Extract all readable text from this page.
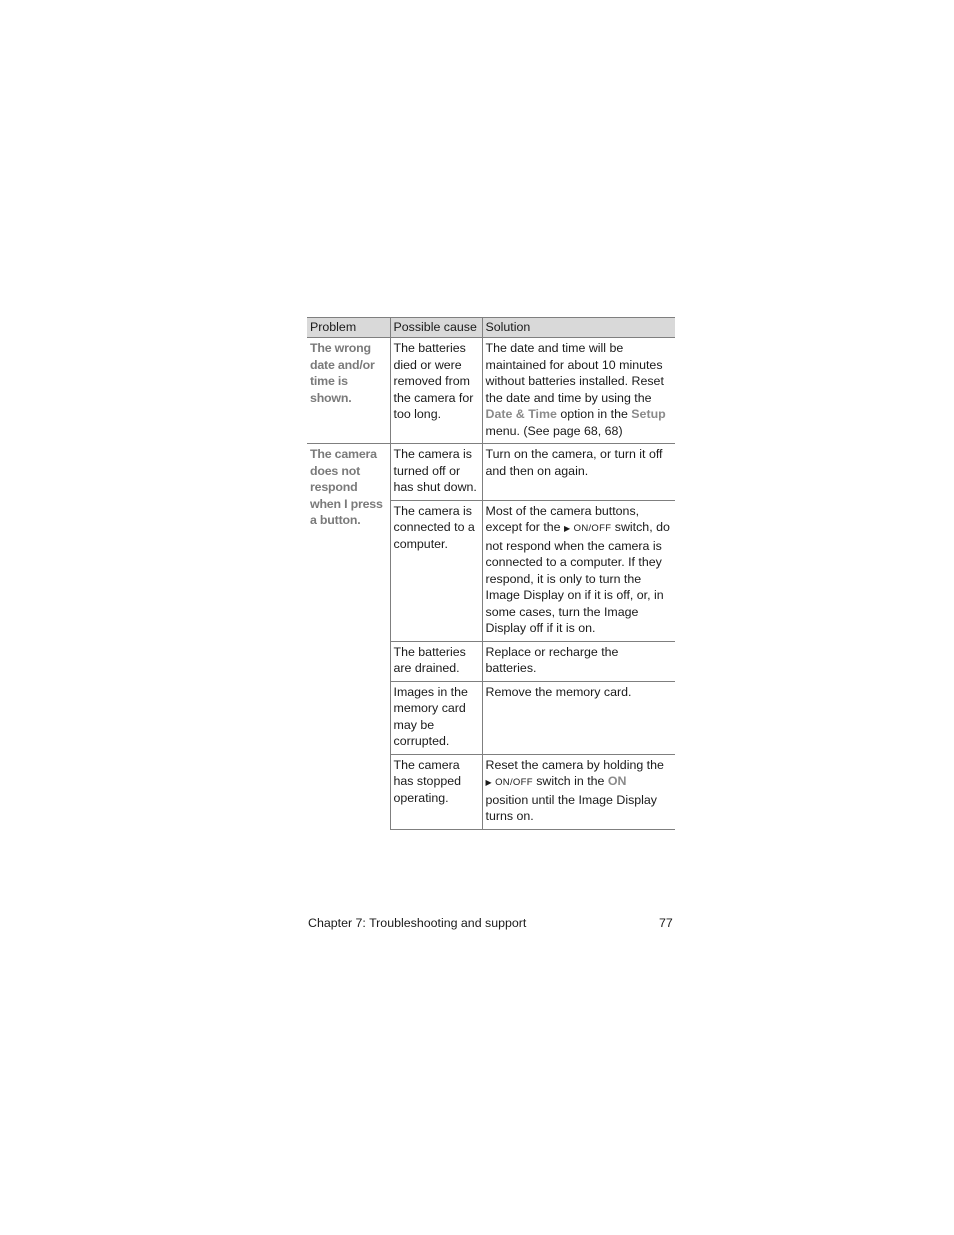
Problem	Possible cause	Solution
The wrong date and/or time is shown.	The batteries died or were removed from the camera for too long.	The date and time will be maintained for about 10 minutes without batteries installed. Reset the date and time by using the Date & Time option in the Setup menu. (See page 68, 68)
The camera does not respond when I press a button.	The camera is turned off or has shut down.	Turn on the camera, or turn it off and then on again.
	The camera is connected to a computer.	Most of the camera buttons, except for the ▶ ON/OFF switch, do not respond when the camera is connected to a computer. If they respond, it is only to turn the Image Display on if it is off, or, in some cases, turn the Image Display off if it is on.
	The batteries are drained.	Replace or recharge the batteries.
	Images in the memory card may be corrupted.	Remove the memory card.
	The camera has stopped operating.	Reset the camera by holding the ▶ ON/OFF switch in the ON position until the Image Display turns on.
Chapter 7: Troubleshooting and support	77
